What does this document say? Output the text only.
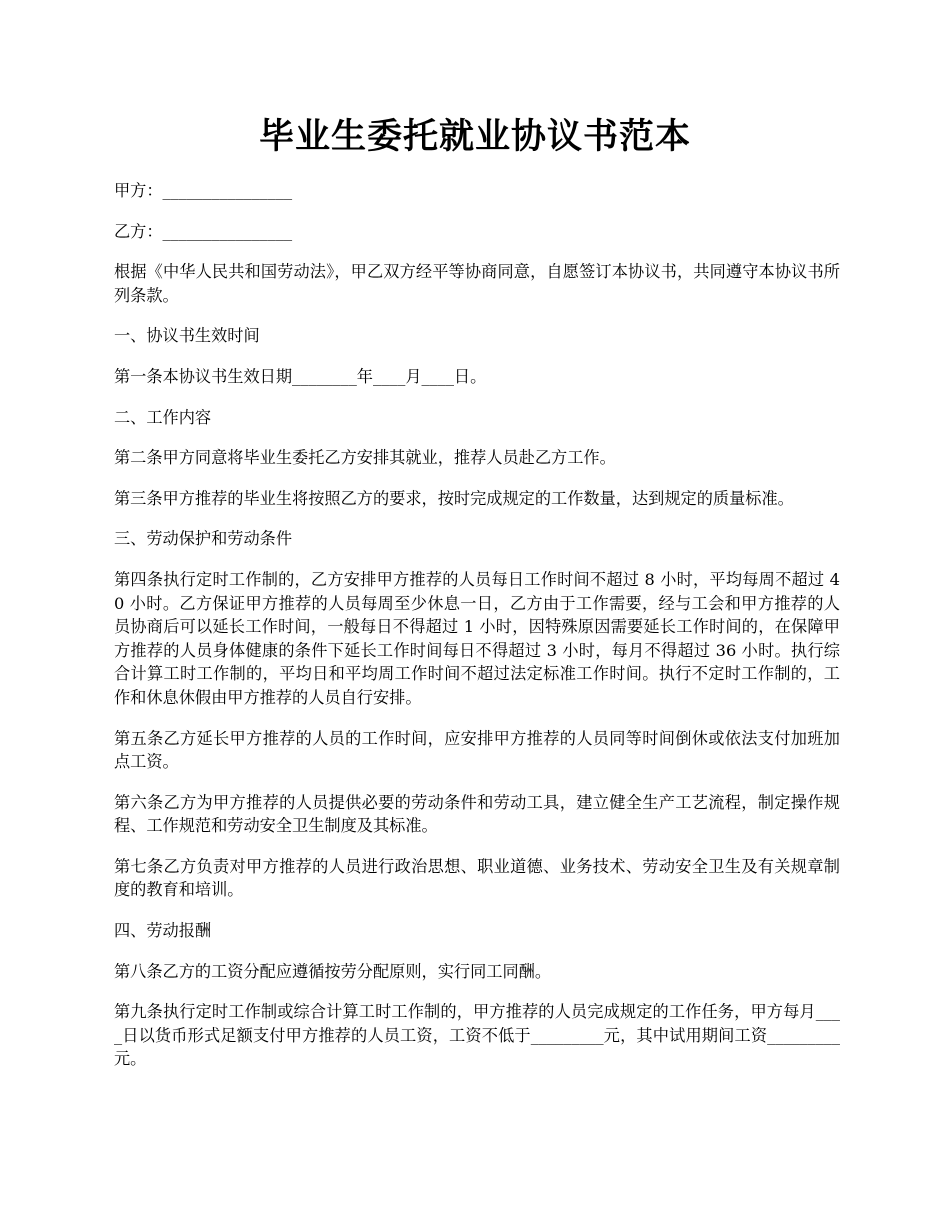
毕业生委托就业协议书范本

甲方：________________

乙方：________________

根据《中华人民共和国劳动法》，甲乙双方经平等协商同意，自愿签订本协议书，共同遵守本协议书所列条款。

一、协议书生效时间

第一条本协议书生效日期________年____月____日。

二、工作内容

第二条甲方同意将毕业生委托乙方安排其就业，推荐人员赴乙方工作。

第三条甲方推荐的毕业生将按照乙方的要求，按时完成规定的工作数量，达到规定的质量标准。

三、劳动保护和劳动条件

第四条执行定时工作制的，乙方安排甲方推荐的人员每日工作时间不超过 8 小时，平均每周不超过 40 小时。乙方保证甲方推荐的人员每周至少休息一日，乙方由于工作需要，经与工会和甲方推荐的人员协商后可以延长工作时间，一般每日不得超过 1 小时，因特殊原因需要延长工作时间的，在保障甲方推荐的人员身体健康的条件下延长工作时间每日不得超过 3 小时，每月不得超过 36 小时。执行综合计算工时工作制的，平均日和平均周工作时间不超过法定标准工作时间。执行不定时工作制的，工作和休息休假由甲方推荐的人员自行安排。

第五条乙方延长甲方推荐的人员的工作时间，应安排甲方推荐的人员同等时间倒休或依法支付加班加点工资。

第六条乙方为甲方推荐的人员提供必要的劳动条件和劳动工具，建立健全生产工艺流程，制定操作规程、工作规范和劳动安全卫生制度及其标准。

第七条乙方负责对甲方推荐的人员进行政治思想、职业道德、业务技术、劳动安全卫生及有关规章制度的教育和培训。

四、劳动报酬

第八条乙方的工资分配应遵循按劳分配原则，实行同工同酬。

第九条执行定时工作制或综合计算工时工作制的，甲方推荐的人员完成规定的工作任务，甲方每月____日以货币形式足额支付甲方推荐的人员工资，工资不低于_________元，其中试用期间工资_________元。
